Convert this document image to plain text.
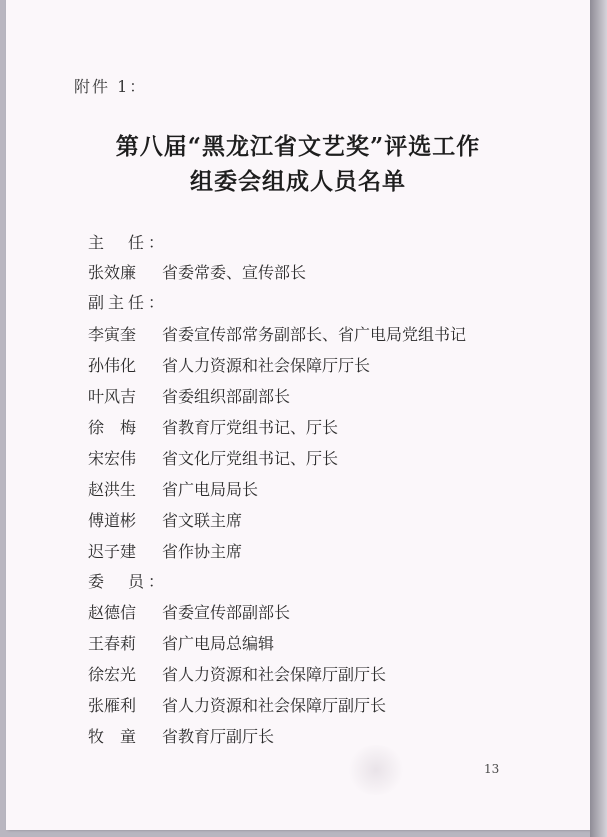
附件 1：
第八届“黑龙江省文艺奖”评选工作
组委会组成人员名单
主　任：
张效廉	省委常委、宣传部长
副主任：
李寅奎	省委宣传部常务副部长、省广电局党组书记
孙伟化	省人力资源和社会保障厅厅长
叶风吉	省委组织部副部长
徐　梅	省教育厅党组书记、厅长
宋宏伟	省文化厅党组书记、厅长
赵洪生	省广电局局长
傅道彬	省文联主席
迟子建	省作协主席
委　员：
赵德信	省委宣传部副部长
王春莉	省广电局总编辑
徐宏光	省人力资源和社会保障厅副厅长
张雁利	省人力资源和社会保障厅副厅长
牧　童	省教育厅副厅长
13
